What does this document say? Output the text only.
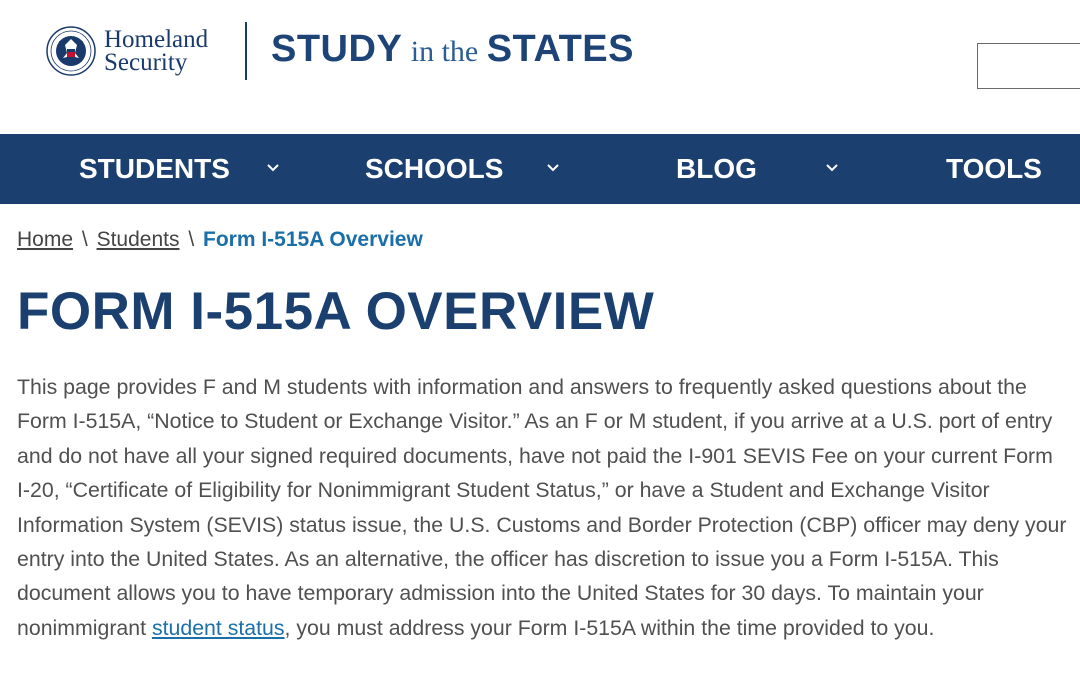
Homeland
Security	STUDY in the STATES
STUDENTS	SCHOOLS	BLOG	TOOLS
Home \ Students \ Form I-515A Overview
FORM I-515A OVERVIEW

This page provides F and M students with information and answers to frequently asked questions about the Form I-515A, “Notice to Student or Exchange Visitor.” As an F or M student, if you arrive at a U.S. port of entry and do not have all your signed required documents, have not paid the I-901 SEVIS Fee on your current Form I-20, “Certificate of Eligibility for Nonimmigrant Student Status,” or have a Student and Exchange Visitor Information System (SEVIS) status issue, the U.S. Customs and Border Protection (CBP) officer may deny your entry into the United States. As an alternative, the officer has discretion to issue you a Form I-515A. This document allows you to have temporary admission into the United States for 30 days. To maintain your nonimmigrant student status, you must address your Form I-515A within the time provided to you.
